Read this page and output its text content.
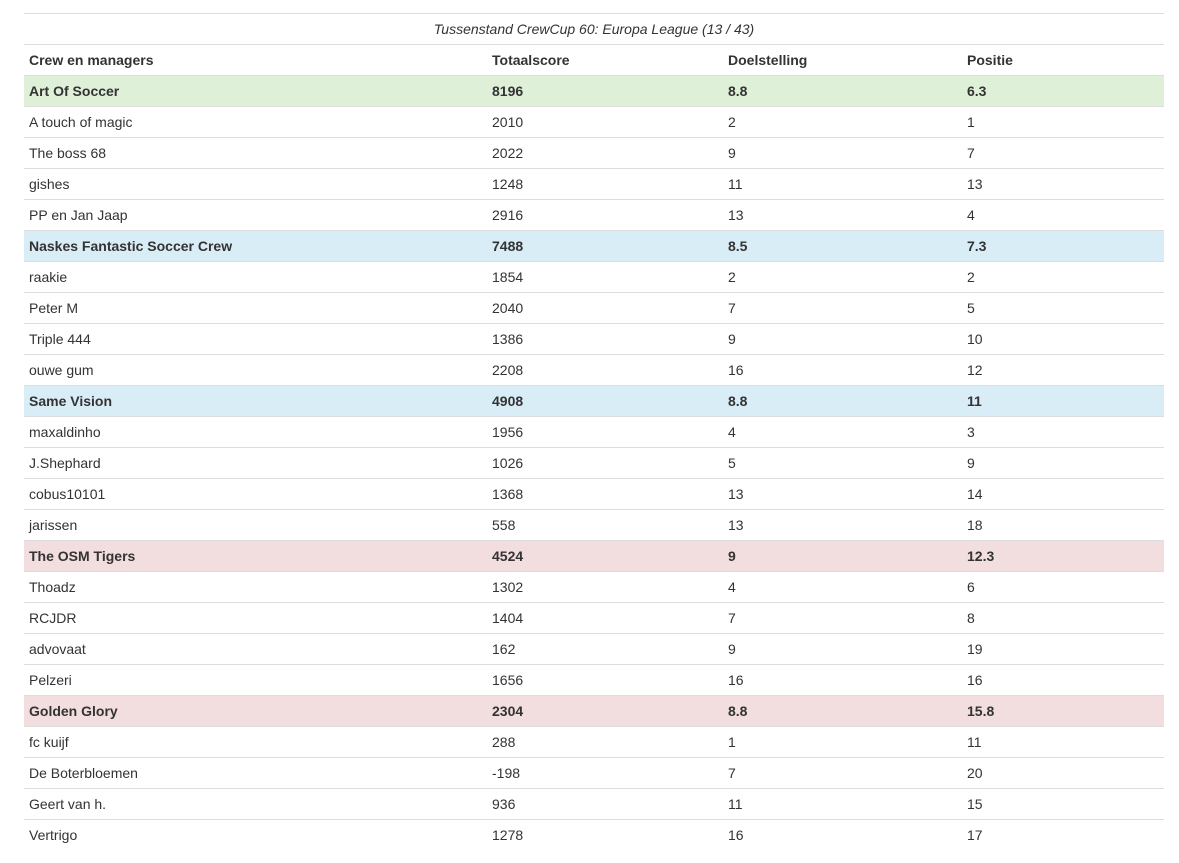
Tussenstand CrewCup 60: Europa League (13 / 43)
Crew en managers	Totaalscore	Doelstelling	Positie
Art Of Soccer	8196	8.8	6.3
A touch of magic	2010	2	1
The boss 68	2022	9	7
gishes	1248	11	13
PP en Jan Jaap	2916	13	4
Naskes Fantastic Soccer Crew	7488	8.5	7.3
raakie	1854	2	2
Peter M	2040	7	5
Triple 444	1386	9	10
ouwe gum	2208	16	12
Same Vision	4908	8.8	11
maxaldinho	1956	4	3
J.Shephard	1026	5	9
cobus10101	1368	13	14
jarissen	558	13	18
The OSM Tigers	4524	9	12.3
Thoadz	1302	4	6
RCJDR	1404	7	8
advovaat	162	9	19
Pelzeri	1656	16	16
Golden Glory	2304	8.8	15.8
fc kuijf	288	1	11
De Boterbloemen	-198	7	20
Geert van h.	936	11	15
Vertrigo	1278	16	17
